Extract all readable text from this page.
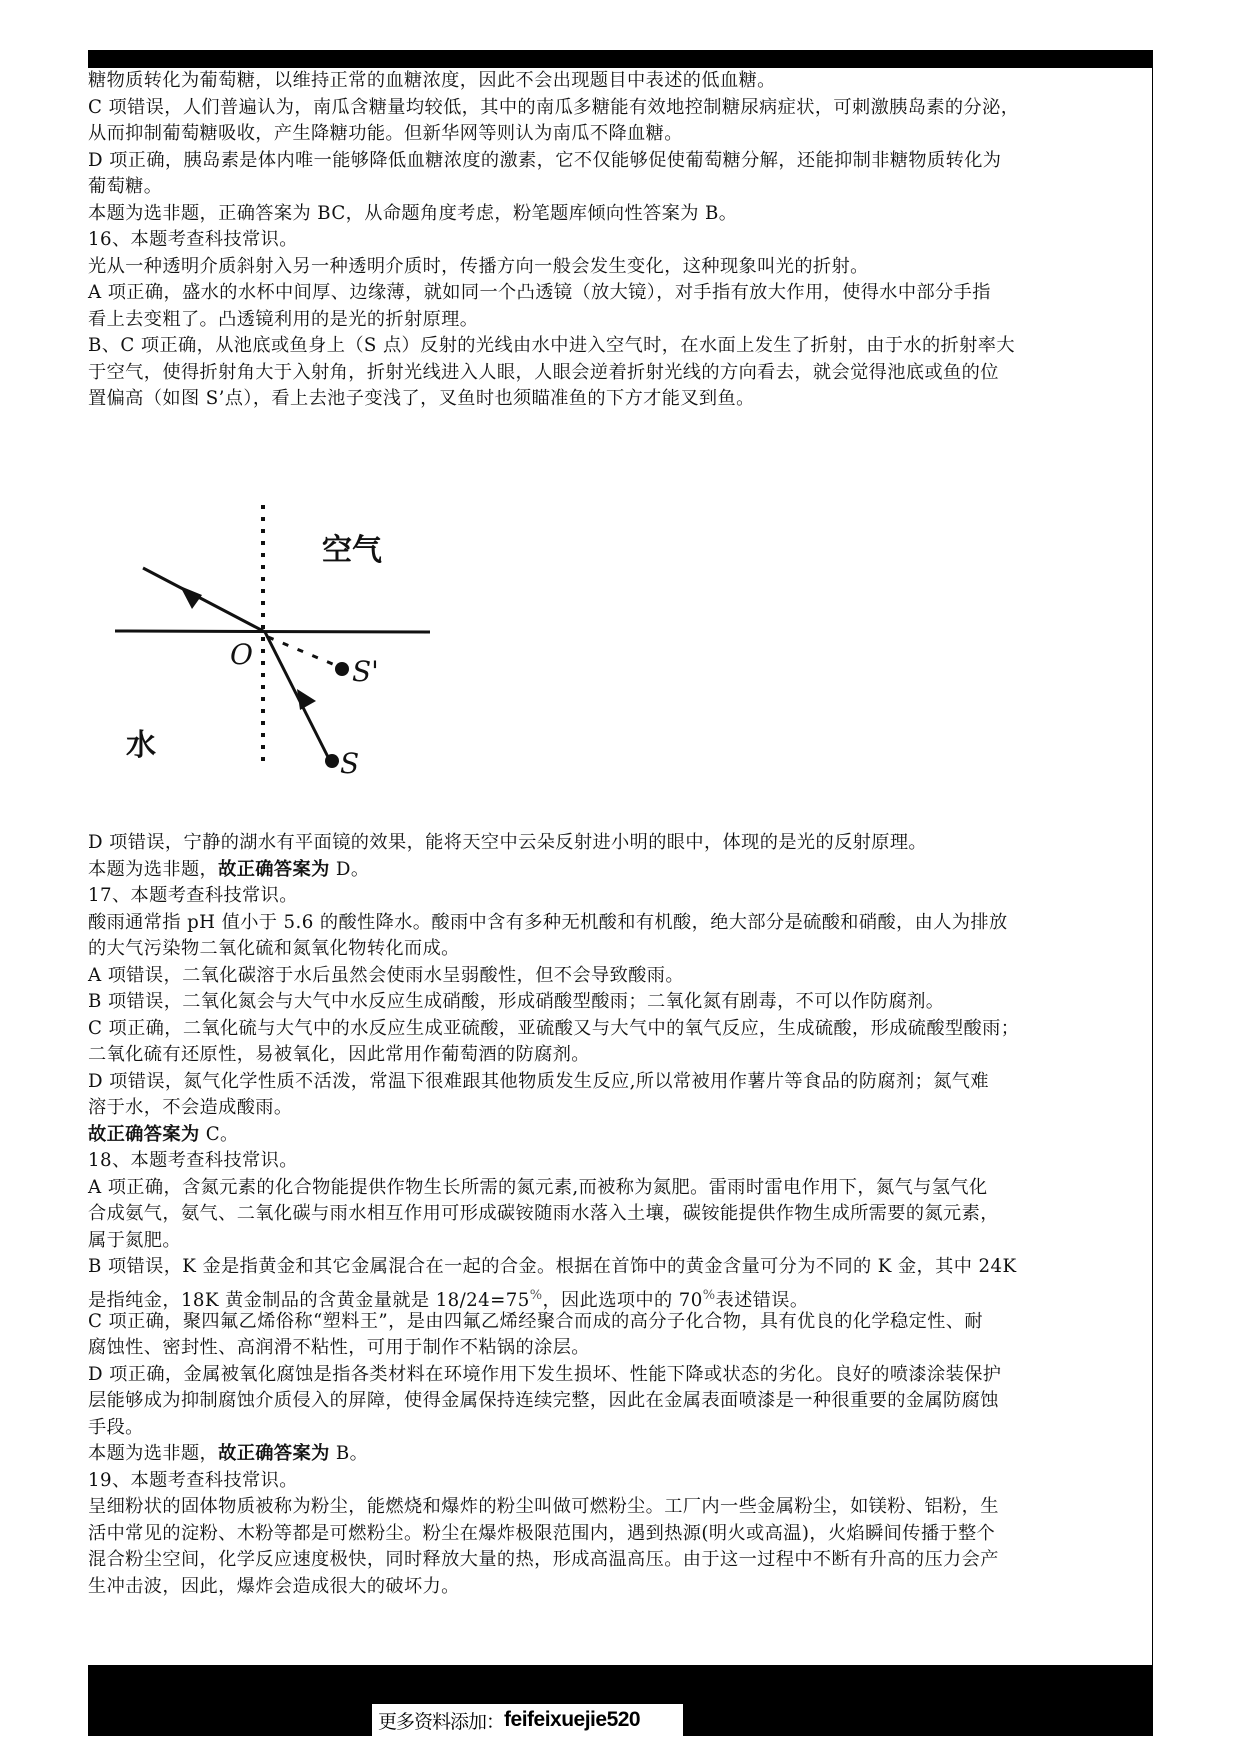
糖物质转化为葡萄糖，以维持正常的血糖浓度，因此不会出现题目中表述的低血糖。
C 项错误，人们普遍认为，南瓜含糖量均较低，其中的南瓜多糖能有效地控制糖尿病症状，可刺激胰岛素的分泌，
从而抑制葡萄糖吸收，产生降糖功能。但新华网等则认为南瓜不降血糖。
D 项正确，胰岛素是体内唯一能够降低血糖浓度的激素，它不仅能够促使葡萄糖分解，还能抑制非糖物质转化为
葡萄糖。
本题为选非题，正确答案为 BC，从命题角度考虑，粉笔题库倾向性答案为 B。
16、本题考查科技常识。
光从一种透明介质斜射入另一种透明介质时，传播方向一般会发生变化，这种现象叫光的折射。
A 项正确，盛水的水杯中间厚、边缘薄，就如同一个凸透镜（放大镜），对手指有放大作用，使得水中部分手指
看上去变粗了。凸透镜利用的是光的折射原理。
B、C 项正确，从池底或鱼身上（S 点）反射的光线由水中进入空气时，在水面上发生了折射，由于水的折射率大
于空气，使得折射角大于入射角，折射光线进入人眼，人眼会逆着折射光线的方向看去，就会觉得池底或鱼的位
置偏高（如图 S’点），看上去池子变浅了，叉鱼时也须瞄准鱼的下方才能叉到鱼。
空气
水
O
S'
S
D 项错误，宁静的湖水有平面镜的效果，能将天空中云朵反射进小明的眼中，体现的是光的反射原理。
本题为选非题，故正确答案为 D。
17、本题考查科技常识。
酸雨通常指 pH 值小于 5.6 的酸性降水。酸雨中含有多种无机酸和有机酸，绝大部分是硫酸和硝酸，由人为排放
的大气污染物二氧化硫和氮氧化物转化而成。
A 项错误，二氧化碳溶于水后虽然会使雨水呈弱酸性，但不会导致酸雨。
B 项错误，二氧化氮会与大气中水反应生成硝酸，形成硝酸型酸雨；二氧化氮有剧毒，不可以作防腐剂。
C 项正确，二氧化硫与大气中的水反应生成亚硫酸，亚硫酸又与大气中的氧气反应，生成硫酸，形成硫酸型酸雨；
二氧化硫有还原性，易被氧化，因此常用作葡萄酒的防腐剂。
D 项错误，氮气化学性质不活泼，常温下很难跟其他物质发生反应,所以常被用作薯片等食品的防腐剂；氮气难
溶于水，不会造成酸雨。
故正确答案为 C。
18、本题考查科技常识。
A 项正确，含氮元素的化合物能提供作物生长所需的氮元素,而被称为氮肥。雷雨时雷电作用下，氮气与氢气化
合成氨气，氨气、二氧化碳与雨水相互作用可形成碳铵随雨水落入土壤，碳铵能提供作物生成所需要的氮元素，
属于氮肥。
B 项错误，K 金是指黄金和其它金属混合在一起的合金。根据在首饰中的黄金含量可分为不同的 K 金，其中 24K
是指纯金，18K 黄金制品的含黄金量就是 18/24=75%，因此选项中的 70%表述错误。
C 项正确，聚四氟乙烯俗称“塑料王”，是由四氟乙烯经聚合而成的高分子化合物，具有优良的化学稳定性、耐
腐蚀性、密封性、高润滑不粘性，可用于制作不粘锅的涂层。
D 项正确，金属被氧化腐蚀是指各类材料在环境作用下发生损坏、性能下降或状态的劣化。良好的喷漆涂装保护
层能够成为抑制腐蚀介质侵入的屏障，使得金属保持连续完整，因此在金属表面喷漆是一种很重要的金属防腐蚀
手段。
本题为选非题，故正确答案为 B。
19、本题考查科技常识。
呈细粉状的固体物质被称为粉尘，能燃烧和爆炸的粉尘叫做可燃粉尘。工厂内一些金属粉尘，如镁粉、铝粉，生
活中常见的淀粉、木粉等都是可燃粉尘。粉尘在爆炸极限范围内，遇到热源(明火或高温)，火焰瞬间传播于整个
混合粉尘空间，化学反应速度极快，同时释放大量的热，形成高温高压。由于这一过程中不断有升高的压力会产
生冲击波，因此，爆炸会造成很大的破坏力。
更多资料添加： feifeixuejie520
